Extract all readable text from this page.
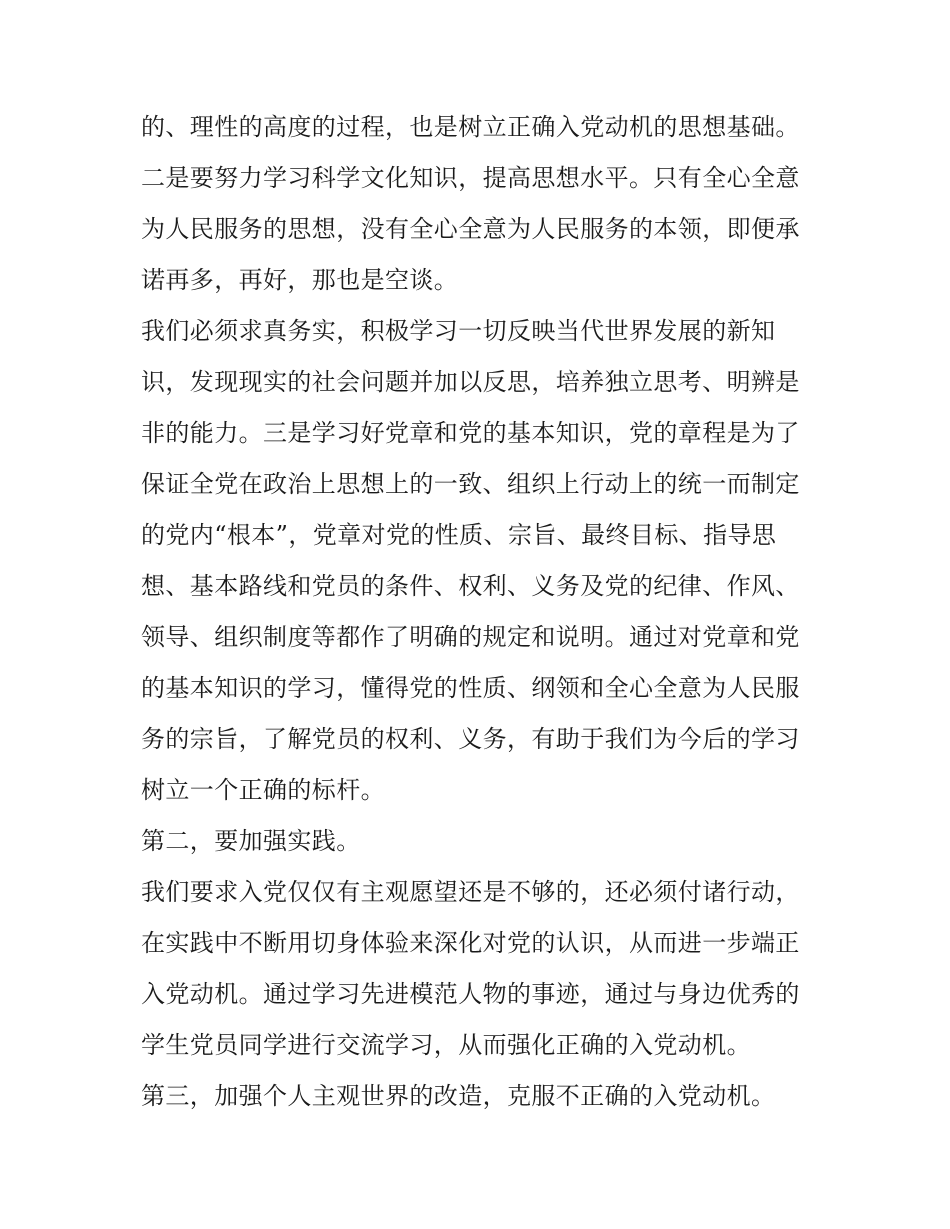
的、理性的高度的过程，也是树立正确入党动机的思想基础。
二是要努力学习科学文化知识，提高思想水平。只有全心全意
为人民服务的思想，没有全心全意为人民服务的本领，即便承
诺再多，再好，那也是空谈。
我们必须求真务实，积极学习一切反映当代世界发展的新知
识，发现现实的社会问题并加以反思，培养独立思考、明辨是
非的能力。三是学习好党章和党的基本知识，党的章程是为了
保证全党在政治上思想上的一致、组织上行动上的统一而制定
的党内“根本”，党章对党的性质、宗旨、最终目标、指导思
想、基本路线和党员的条件、权利、义务及党的纪律、作风、
领导、组织制度等都作了明确的规定和说明。通过对党章和党
的基本知识的学习，懂得党的性质、纲领和全心全意为人民服
务的宗旨，了解党员的权利、义务，有助于我们为今后的学习
树立一个正确的标杆。
第二，要加强实践。
我们要求入党仅仅有主观愿望还是不够的，还必须付诸行动，
在实践中不断用切身体验来深化对党的认识，从而进一步端正
入党动机。通过学习先进模范人物的事迹，通过与身边优秀的
学生党员同学进行交流学习，从而强化正确的入党动机。
第三，加强个人主观世界的改造，克服不正确的入党动机。
